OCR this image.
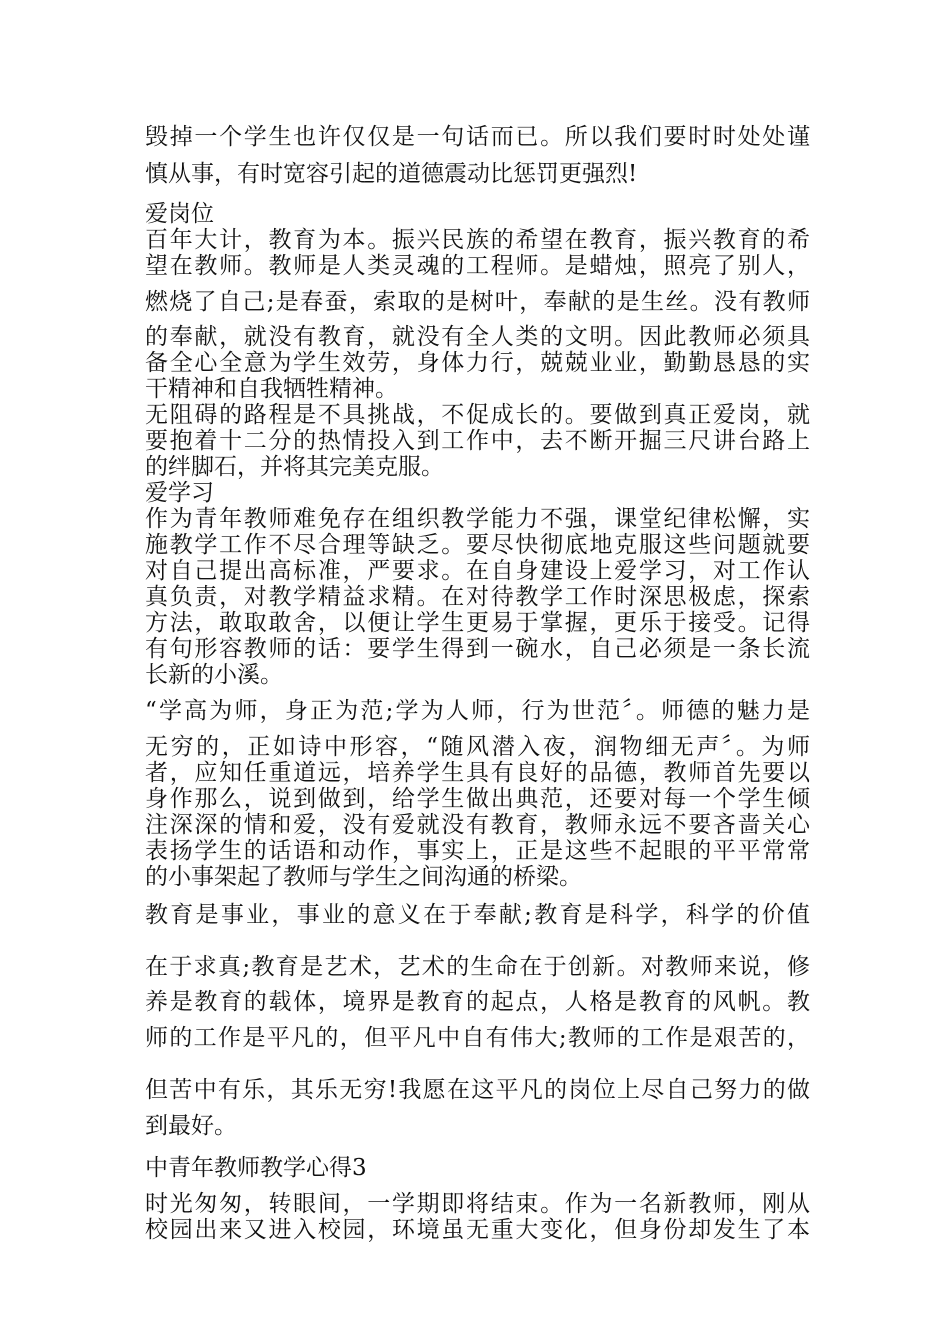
毁掉一个学生也许仅仅是一句话而已。所以我们要时时处处谨
慎从事，有时宽容引起的道德震动比惩罚更强烈!
爱岗位
百年大计，教育为本。振兴民族的希望在教育，振兴教育的希
望在教师。教师是人类灵魂的工程师。是蜡烛，照亮了别人，
燃烧了自己;是春蚕，索取的是树叶，奉献的是生丝。没有教师
的奉献，就没有教育，就没有全人类的文明。因此教师必须具
备全心全意为学生效劳，身体力行，兢兢业业，勤勤恳恳的实
干精神和自我牺牲精神。
无阻碍的路程是不具挑战，不促成长的。要做到真正爱岗，就
要抱着十二分的热情投入到工作中，去不断开掘三尺讲台路上
的绊脚石，并将其完美克服。
爱学习
作为青年教师难免存在组织教学能力不强，课堂纪律松懈，实
施教学工作不尽合理等缺乏。要尽快彻底地克服这些问题就要
对自己提出高标准，严要求。在自身建设上爱学习，对工作认
真负责，对教学精益求精。在对待教学工作时深思极虑，探索
方法，敢取敢舍，以便让学生更易于掌握，更乐于接受。记得
有句形容教师的话：要学生得到一碗水，自己必须是一条长流
长新的小溪。
“学高为师，身正为范;学为人师，行为世范〞。师德的魅力是
无穷的，正如诗中形容，“随风潜入夜，润物细无声〞。为师
者，应知任重道远，培养学生具有良好的品德，教师首先要以
身作那么，说到做到，给学生做出典范，还要对每一个学生倾
注深深的情和爱，没有爱就没有教育，教师永远不要吝啬关心
表扬学生的话语和动作，事实上，正是这些不起眼的平平常常
的小事架起了教师与学生之间沟通的桥梁。
教育是事业，事业的意义在于奉献;教育是科学，科学的价值
在于求真;教育是艺术，艺术的生命在于创新。对教师来说，修
养是教育的载体，境界是教育的起点，人格是教育的风帆。教
师的工作是平凡的，但平凡中自有伟大;教师的工作是艰苦的，
但苦中有乐，其乐无穷!我愿在这平凡的岗位上尽自己努力的做
到最好。
中青年教师教学心得3
时光匆匆，转眼间，一学期即将结束。作为一名新教师，刚从
校园出来又进入校园，环境虽无重大变化，但身份却发生了本
